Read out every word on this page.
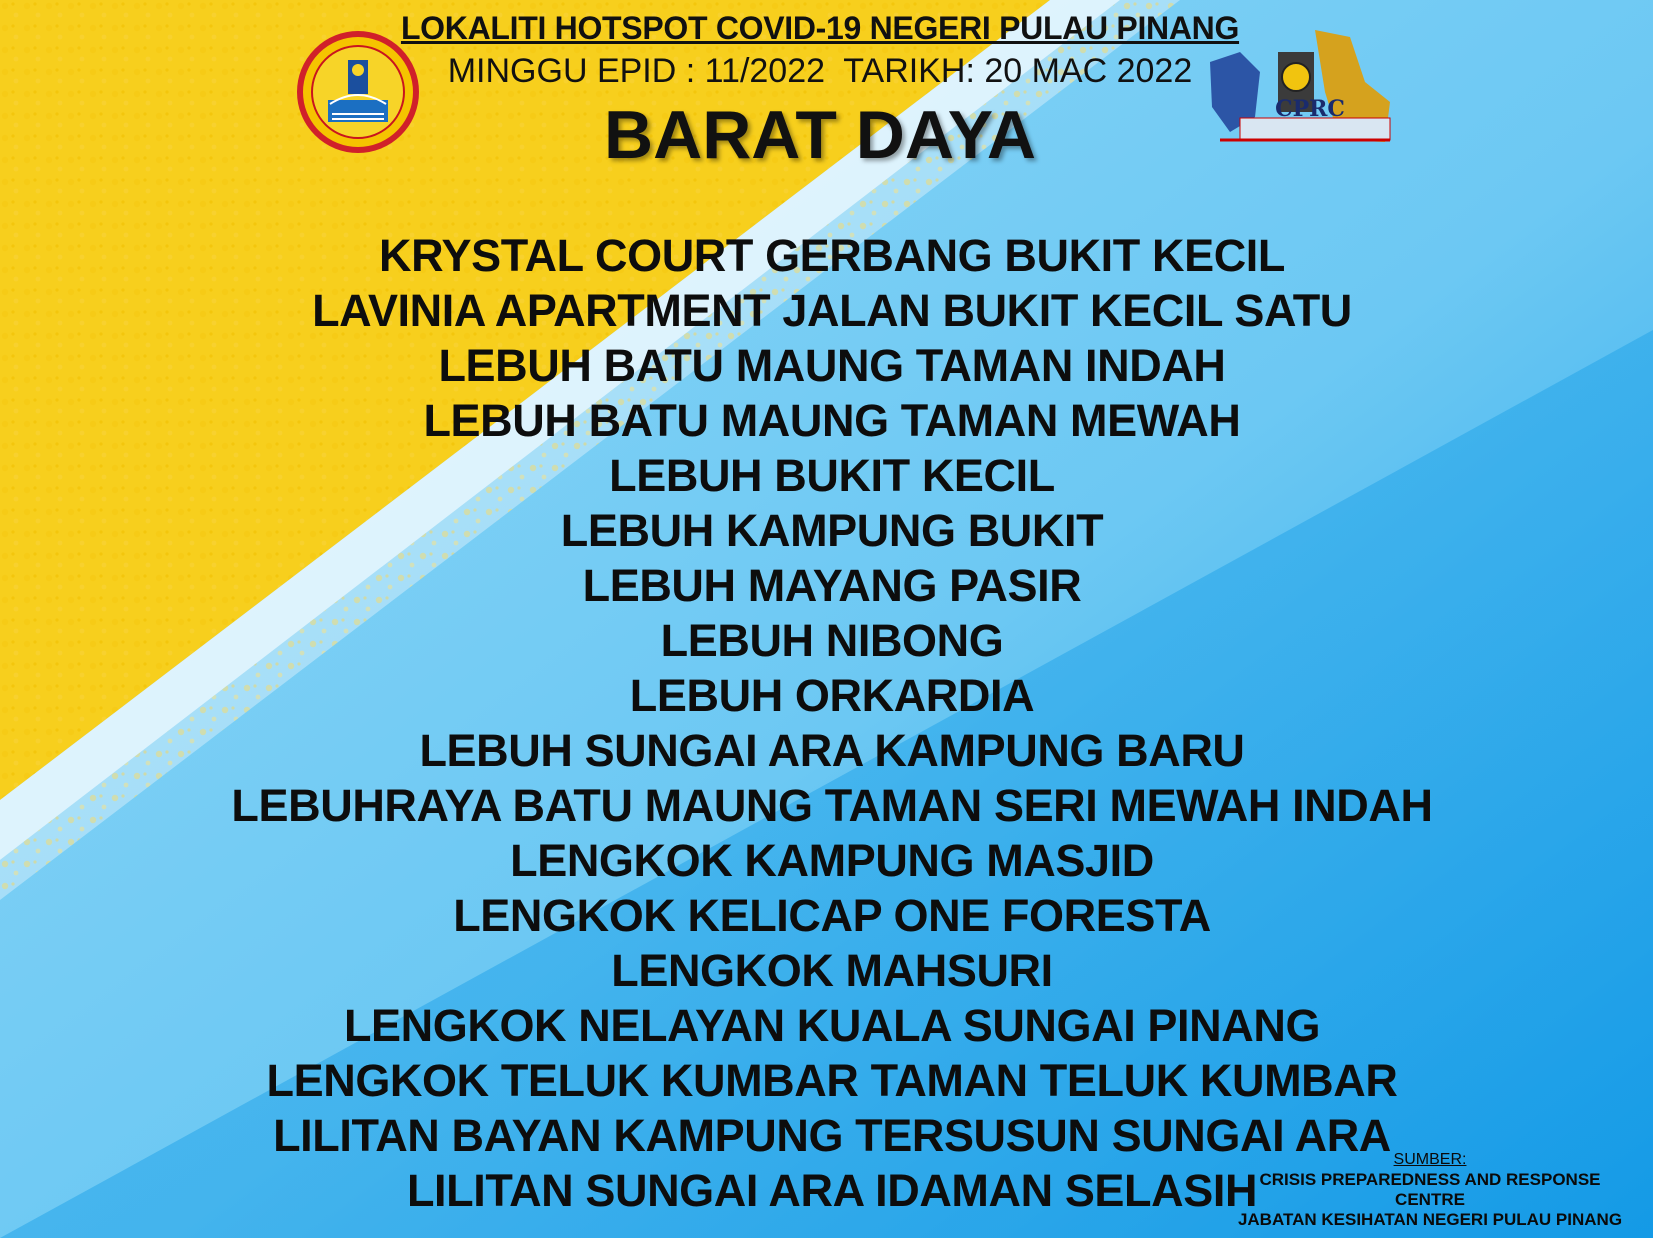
CPRC
LOKALITI HOTSPOT COVID-19 NEGERI PULAU PINANG

MINGGU EPID : 11/2022  TARIKH: 20 MAC 2022

BARAT DAYA
KRYSTAL COURT GERBANG BUKIT KECIL
LAVINIA APARTMENT JALAN BUKIT KECIL SATU
LEBUH BATU MAUNG TAMAN INDAH
LEBUH BATU MAUNG TAMAN MEWAH
LEBUH BUKIT KECIL
LEBUH KAMPUNG BUKIT
LEBUH MAYANG PASIR
LEBUH NIBONG
LEBUH ORKARDIA
LEBUH SUNGAI ARA KAMPUNG BARU
LEBUHRAYA BATU MAUNG TAMAN SERI MEWAH INDAH
LENGKOK KAMPUNG MASJID
LENGKOK KELICAP ONE FORESTA
LENGKOK MAHSURI
LENGKOK NELAYAN KUALA SUNGAI PINANG
LENGKOK TELUK KUMBAR TAMAN TELUK KUMBAR
LILITAN BAYAN KAMPUNG TERSUSUN SUNGAI ARA
LILITAN SUNGAI ARA IDAMAN SELASIH
SUMBER:
CRISIS PREPAREDNESS AND RESPONSE
CENTRE
JABATAN KESIHATAN NEGERI PULAU PINANG
